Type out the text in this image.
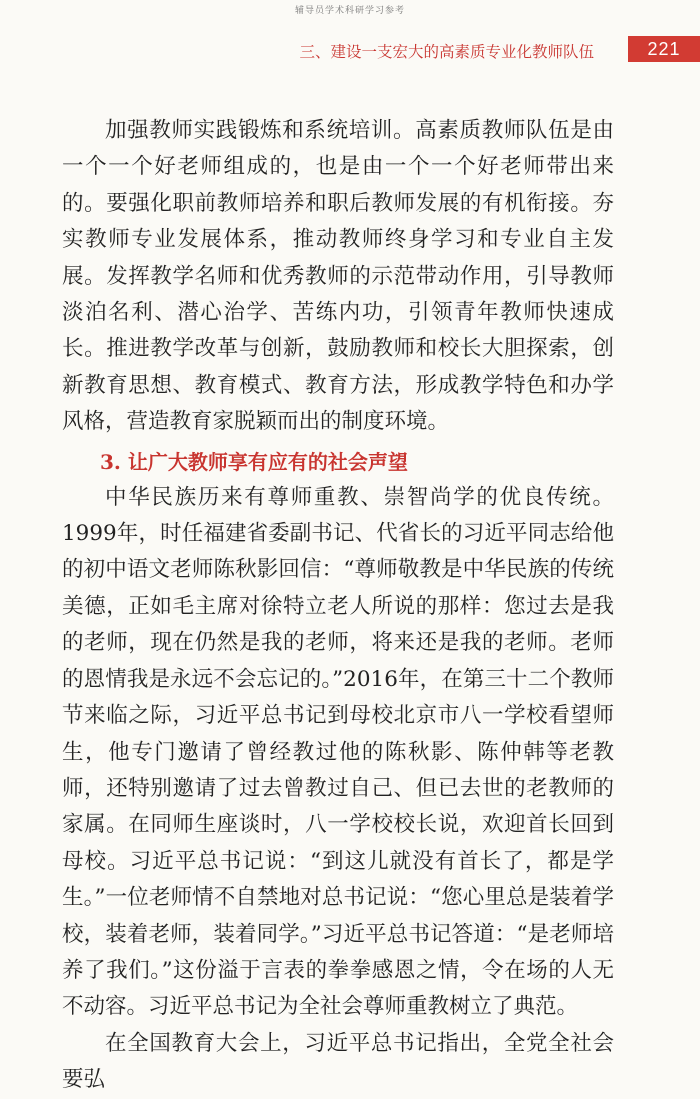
辅导员学术科研学习参考
三、建设一支宏大的高素质专业化教师队伍	221

加强教师实践锻炼和系统培训。高素质教师队伍是由一个一个好老师组成的，也是由一个一个好老师带出来的。要强化职前教师培养和职后教师发展的有机衔接。夯实教师专业发展体系，推动教师终身学习和专业自主发展。发挥教学名师和优秀教师的示范带动作用，引导教师淡泊名利、潜心治学、苦练内功，引领青年教师快速成长。推进教学改革与创新，鼓励教师和校长大胆探索，创新教育思想、教育模式、教育方法，形成教学特色和办学风格，营造教育家脱颖而出的制度环境。

3. 让广大教师享有应有的社会声望

中华民族历来有尊师重教、崇智尚学的优良传统。1999年，时任福建省委副书记、代省长的习近平同志给他的初中语文老师陈秋影回信：“尊师敬教是中华民族的传统美德，正如毛主席对徐特立老人所说的那样：您过去是我的老师，现在仍然是我的老师，将来还是我的老师。老师的恩情我是永远不会忘记的。”2016年，在第三十二个教师节来临之际，习近平总书记到母校北京市八一学校看望师生，他专门邀请了曾经教过他的陈秋影、陈仲韩等老教师，还特别邀请了过去曾教过自己、但已去世的老教师的家属。在同师生座谈时，八一学校校长说，欢迎首长回到母校。习近平总书记说：“到这儿就没有首长了，都是学生。”一位老师情不自禁地对总书记说：“您心里总是装着学校，装着老师，装着同学。”习近平总书记答道：“是老师培养了我们。”这份溢于言表的拳拳感恩之情，令在场的人无不动容。习近平总书记为全社会尊师重教树立了典范。

在全国教育大会上，习近平总书记指出，全党全社会要弘
